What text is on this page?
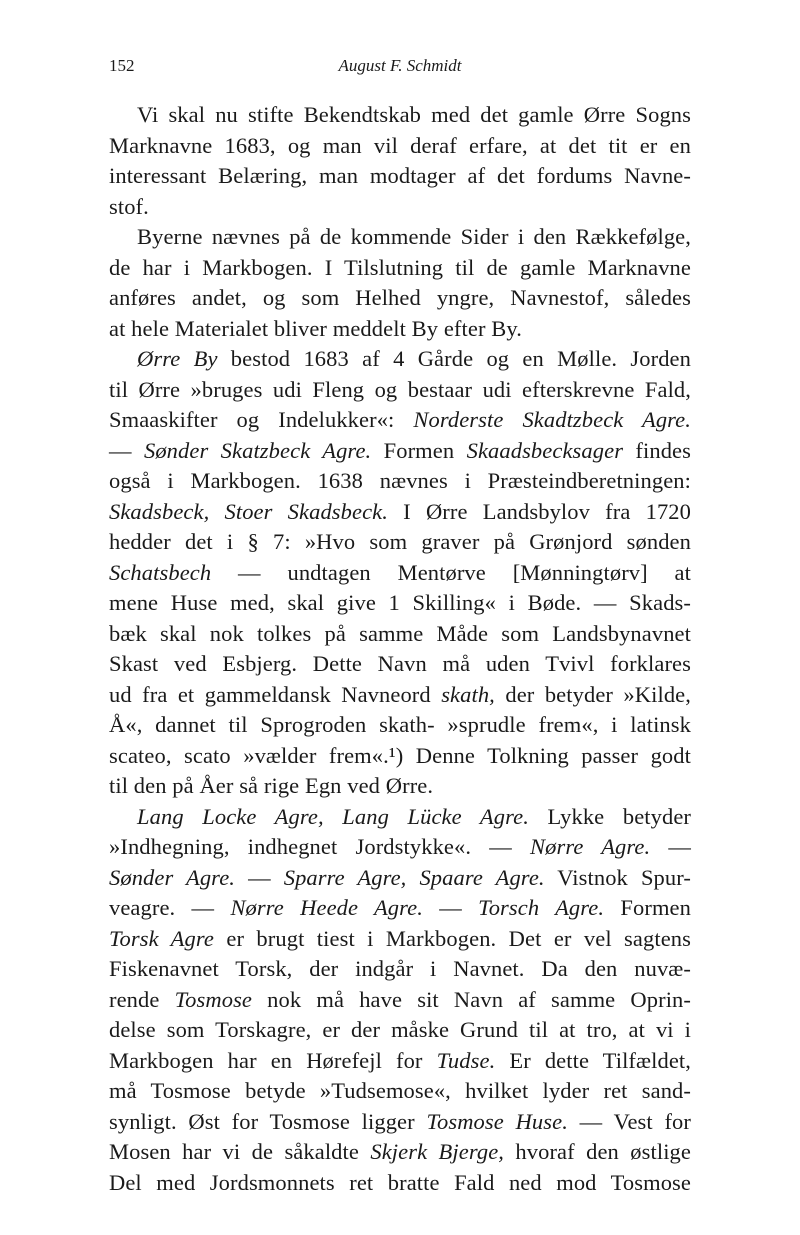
152	August F. Schmidt
Vi skal nu stifte Bekendtskab med det gamle Ørre Sogns
Marknavne 1683, og man vil deraf erfare, at det tit er en
interessant Belæring, man modtager af det fordums Navne-
stof.
Byerne nævnes på de kommende Sider i den Rækkefølge,
de har i Markbogen. I Tilslutning til de gamle Marknavne
anføres andet, og som Helhed yngre, Navnestof, således
at hele Materialet bliver meddelt By efter By.
Ørre By bestod 1683 af 4 Gårde og en Mølle. Jorden
til Ørre »bruges udi Fleng og bestaar udi efterskrevne Fald,
Smaaskifter og Indelukker«: Norderste Skadtzbeck Agre.
— Sønder Skatzbeck Agre. Formen Skaadsbecksager findes
også i Markbogen. 1638 nævnes i Præsteindberetningen:
Skadsbeck, Stoer Skadsbeck. I Ørre Landsbylov fra 1720
hedder det i § 7: »Hvo som graver på Grønjord sønden
Schatsbech — undtagen Mentørve [Mønningtørv] at
mene Huse med, skal give 1 Skilling« i Bøde. — Skads-
bæk skal nok tolkes på samme Måde som Landsbynavnet
Skast ved Esbjerg. Dette Navn må uden Tvivl forklares
ud fra et gammeldansk Navneord skath, der betyder »Kilde,
Å«, dannet til Sprogroden skath- »sprudle frem«, i latinsk
scateo, scato »vælder frem«.¹) Denne Tolkning passer godt
til den på Åer så rige Egn ved Ørre.
Lang Locke Agre, Lang Lücke Agre. Lykke betyder
»Indhegning, indhegnet Jordstykke«. — Nørre Agre. —
Sønder Agre. — Sparre Agre, Spaare Agre. Vistnok Spur-
veagre. — Nørre Heede Agre. — Torsch Agre. Formen
Torsk Agre er brugt tiest i Markbogen. Det er vel sagtens
Fiskenavnet Torsk, der indgår i Navnet. Da den nuvæ-
rende Tosmose nok må have sit Navn af samme Oprin-
delse som Torskagre, er der måske Grund til at tro, at vi i
Markbogen har en Hørefejl for Tudse. Er dette Tilfældet,
må Tosmose betyde »Tudsemose«, hvilket lyder ret sand-
synligt. Øst for Tosmose ligger Tosmose Huse. — Vest for
Mosen har vi de såkaldte Skjerk Bjerge, hvoraf den østlige
Del med Jordsmonnets ret bratte Fald ned mod Tosmose
